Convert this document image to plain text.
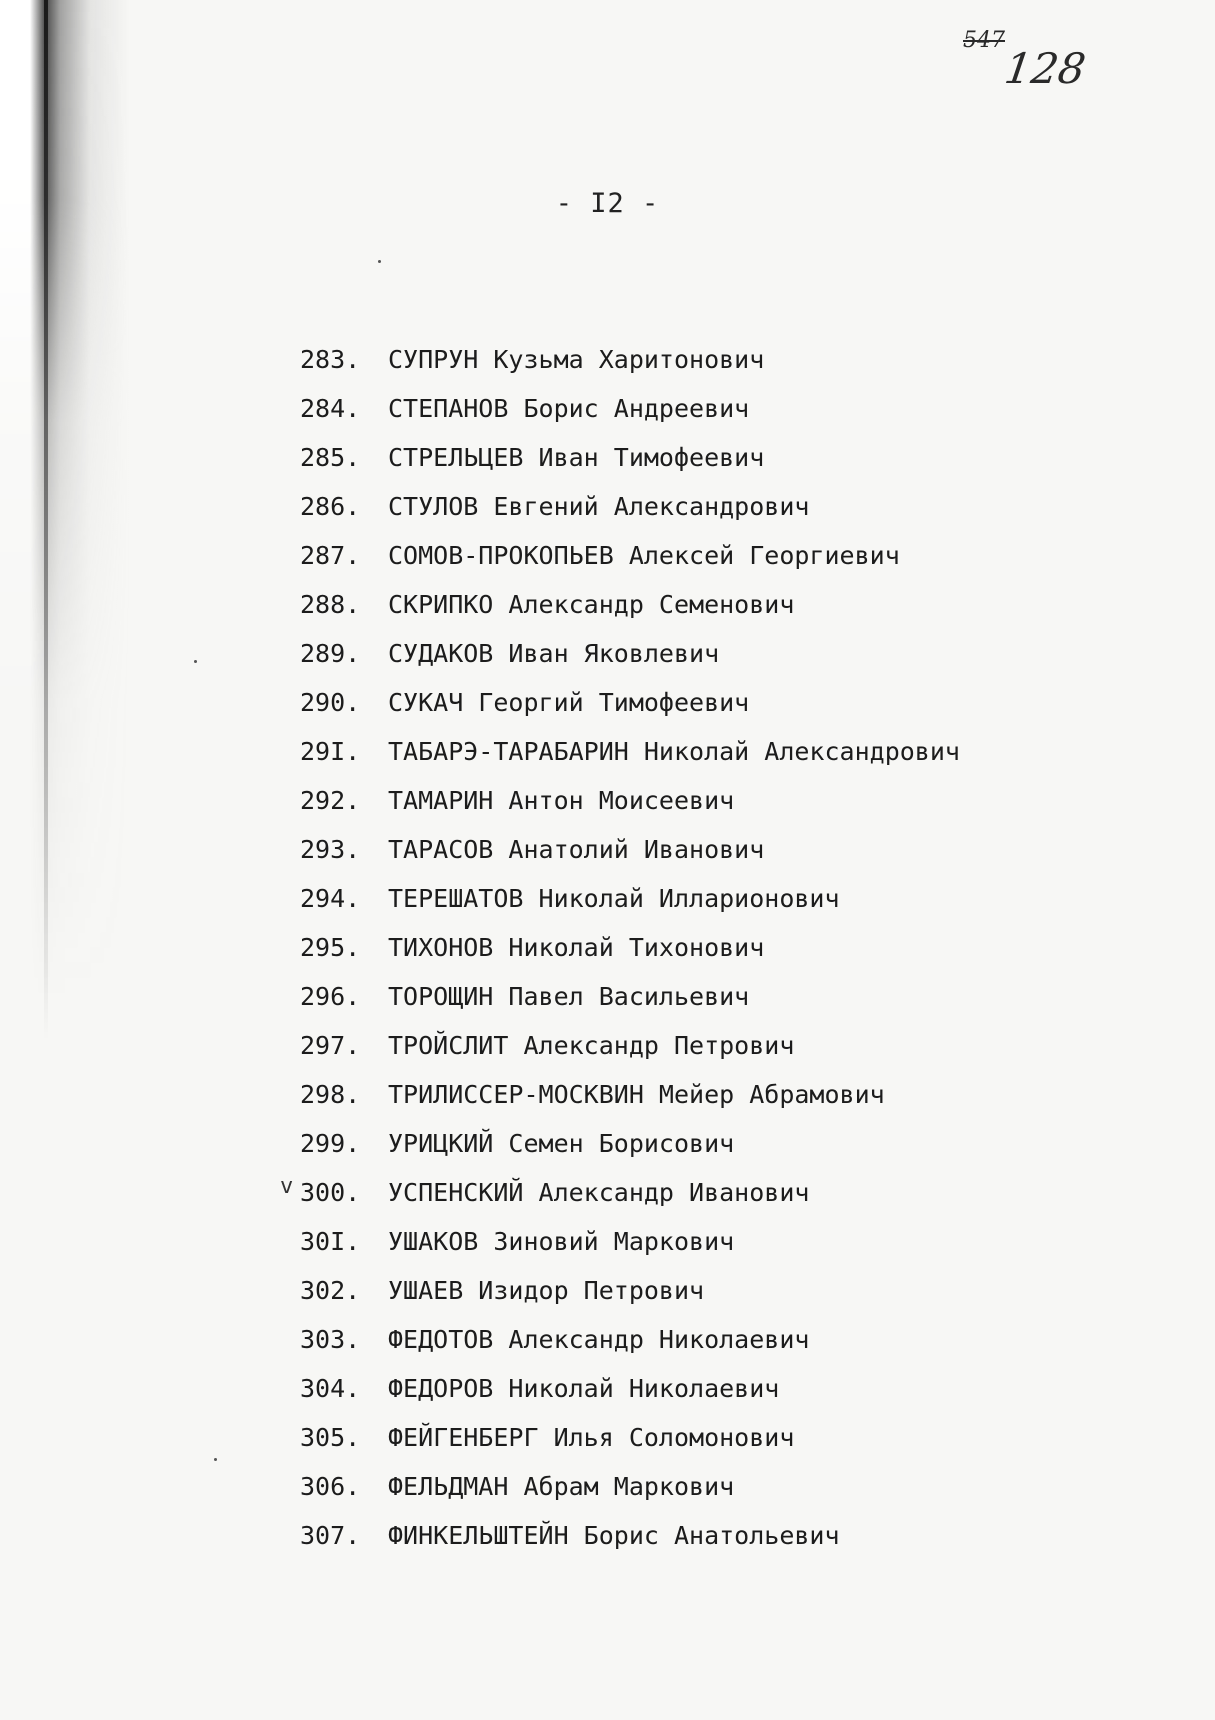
547
128
- I2 -
283. СУПРУН Кузьма Харитонович
284. СТЕПАНОВ Борис Андреевич
285. СТРЕЛЬЦЕВ Иван Тимофеевич
286. СТУЛОВ Евгений Александрович
287. СОМОВ-ПРОКОПЬЕВ Алексей Георгиевич
288. СКРИПКО Александр Семенович
289. СУДАКОВ Иван Яковлевич
290. СУКАЧ Георгий Тимофеевич
29I. ТАБАРЭ-ТАРАБАРИН Николай Александрович
292. ТАМАРИН Антон Моисеевич
293. ТАРАСОВ Анатолий Иванович
294. ТЕРЕШАТОВ Николай Илларионович
295. ТИХОНОВ Николай Тихонович
296. ТОРОЩИН Павел Васильевич
297. ТРОЙСЛИТ Александр Петрович
298. ТРИЛИССЕР-МОСКВИН Мейер Абрамович
299. УРИЦКИЙ Семен Борисович
v 300. УСПЕНСКИЙ Александр Иванович
30I. УШАКОВ Зиновий Маркович
302. УШАЕВ Изидор Петрович
303. ФЕДОТОВ Александр Николаевич
304. ФЕДОРОВ Николай Николаевич
305. ФЕЙГЕНБЕРГ Илья Соломонович
306. ФЕЛЬДМАН Абрам Маркович
307. ФИНКЕЛЬШТЕЙН Борис Анатольевич
